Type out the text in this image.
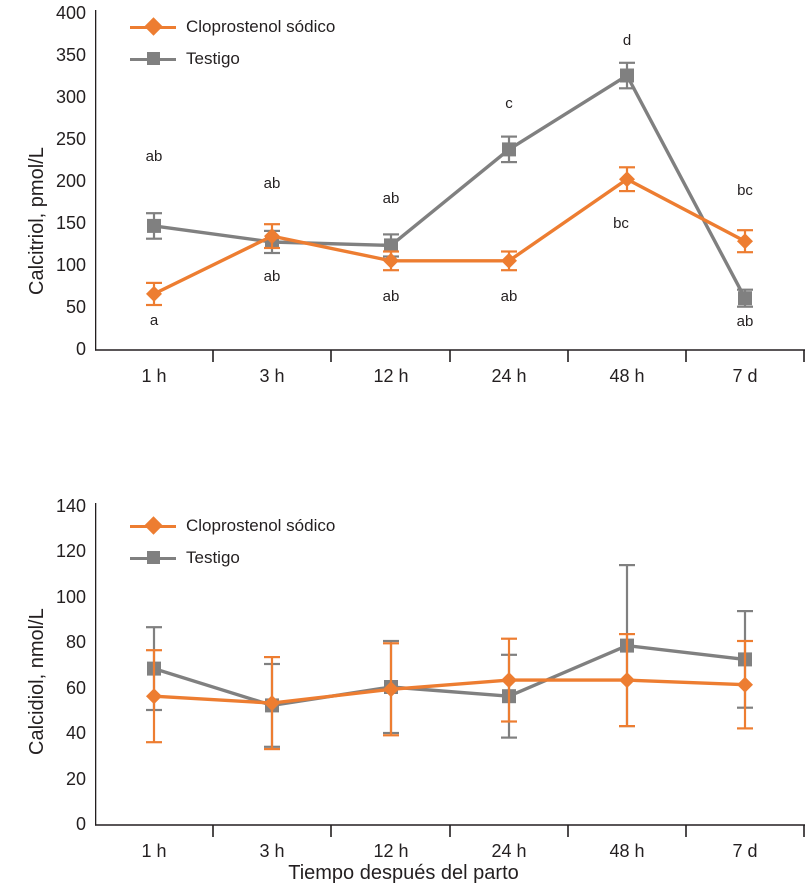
Calcitriol, pmol/L
400
350
300
250
200
150
100
50
0
Cloprostenol sódico
Testigo
ab
a
ab
ab
ab
ab
c
ab
d
bc
bc
ab
1 h	3 h	12 h	24 h	48 h	7 d
Calcidiol, nmol/L
140
120
100
80
60
40
20
0
Cloprostenol sódico
Testigo
1 h	3 h	12 h	24 h	48 h	7 d
Tiempo después del parto
